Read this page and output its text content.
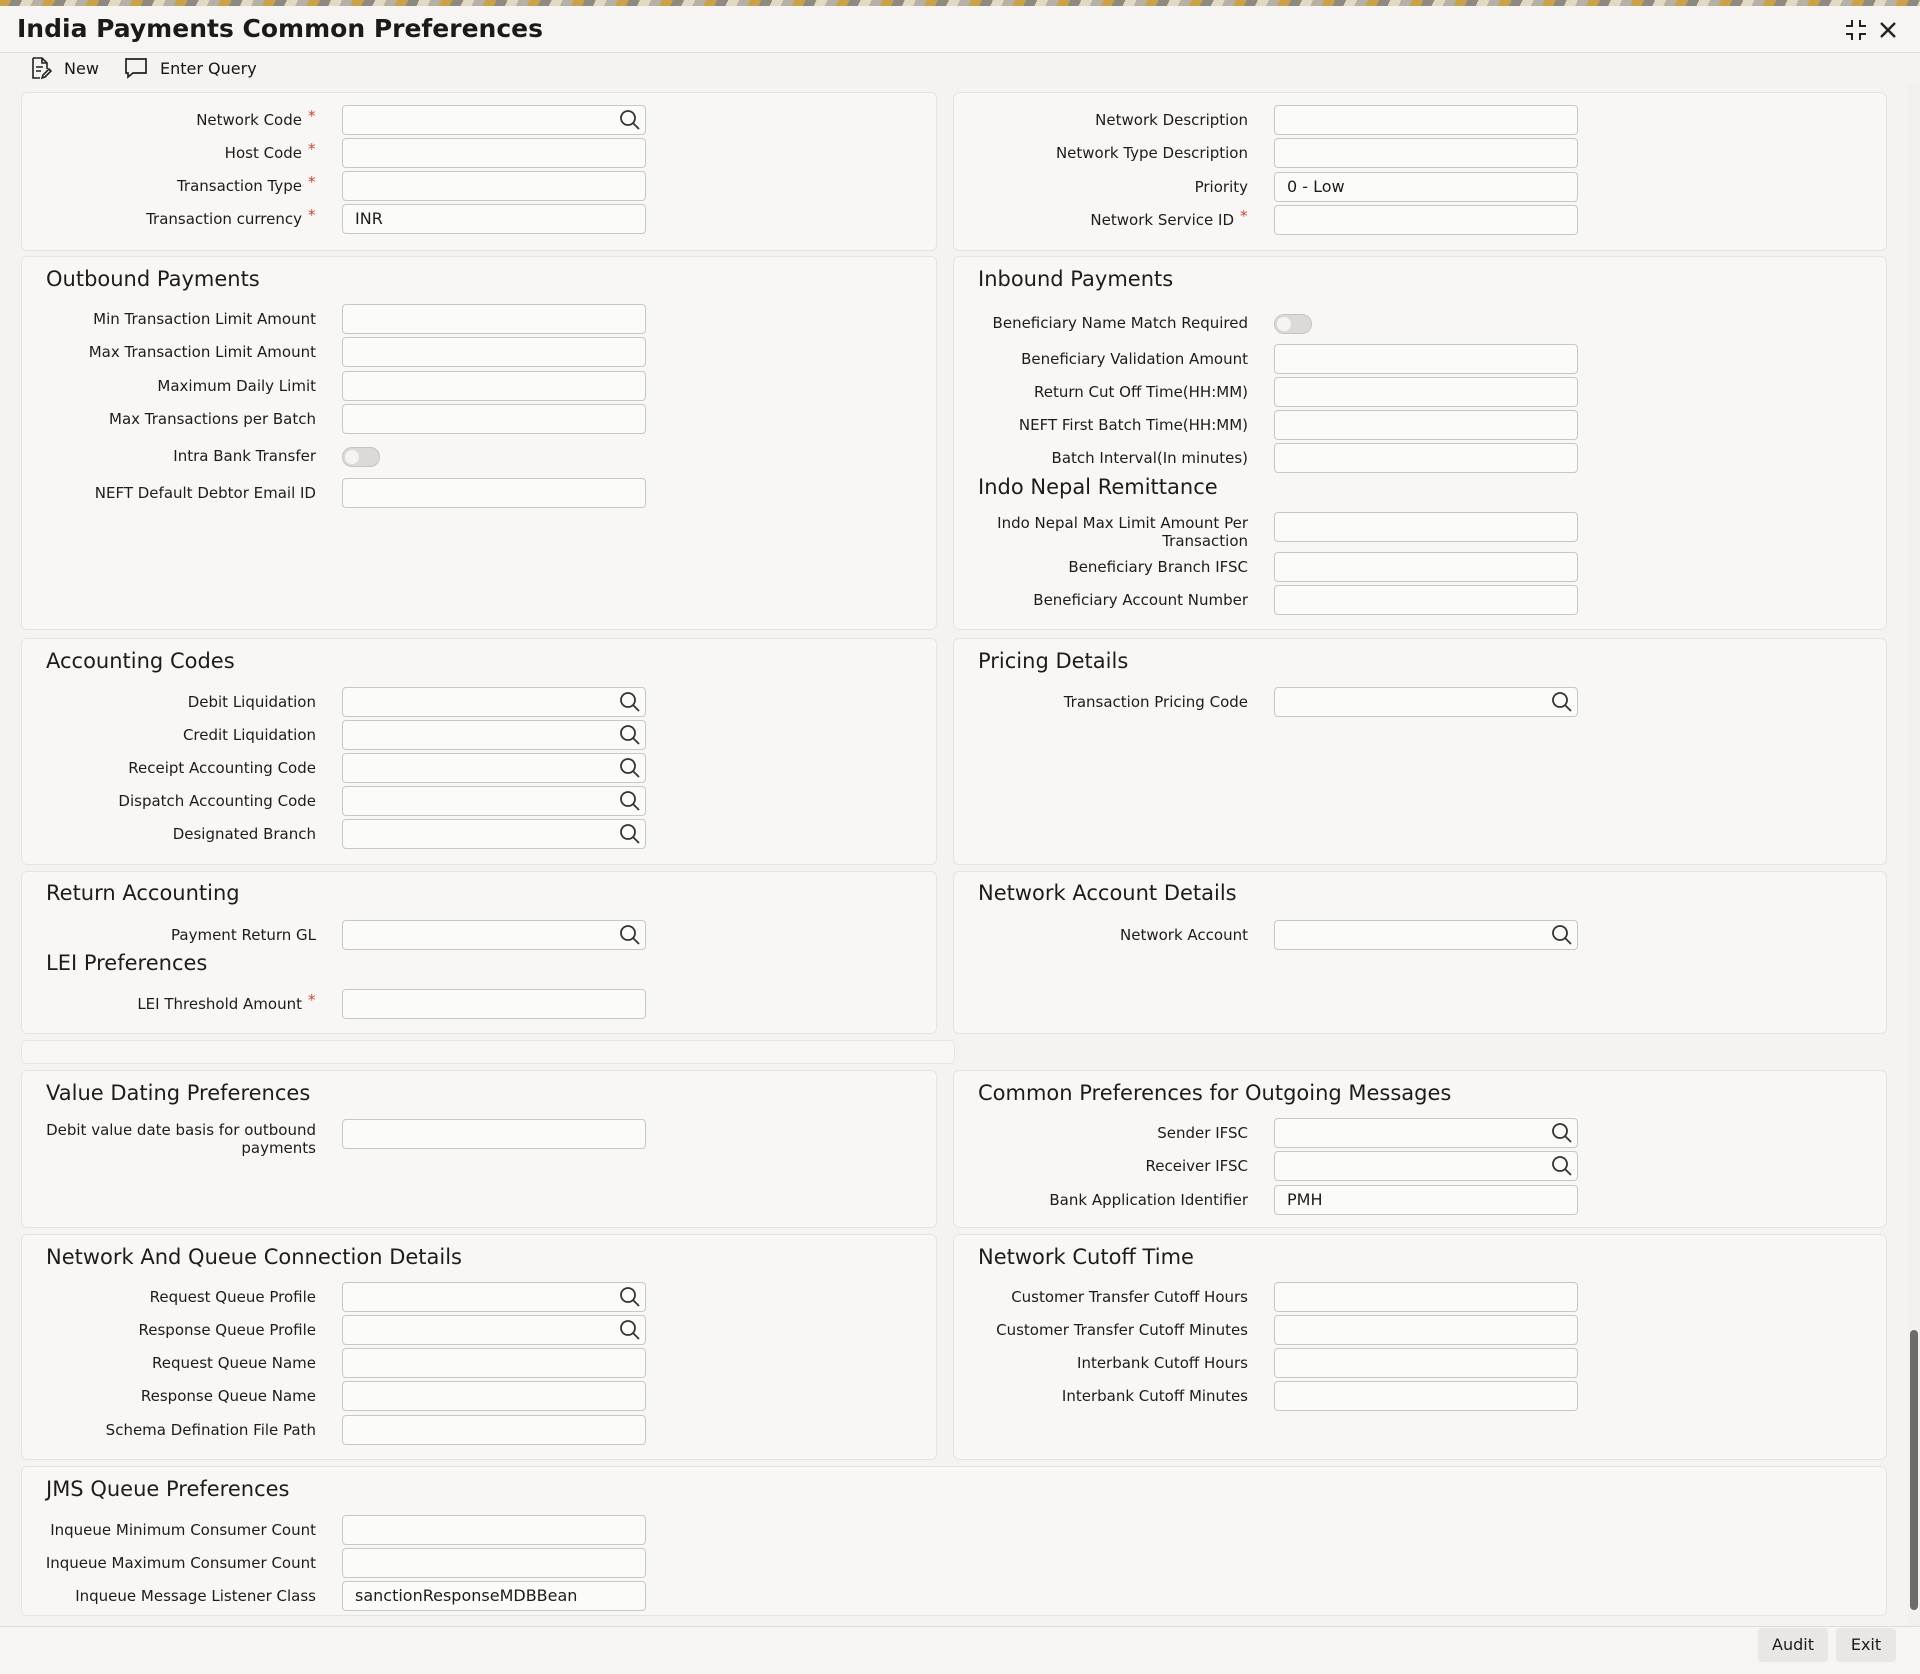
India Payments Common Preferences
New	Enter Query
Network Code *
Host Code *
Transaction Type *
Transaction currency *	INR
Network Description
Network Type Description
Priority	0 - Low
Network Service ID *
Outbound Payments
Min Transaction Limit Amount
Max Transaction Limit Amount
Maximum Daily Limit
Max Transactions per Batch
Intra Bank Transfer
NEFT Default Debtor Email ID
Inbound Payments
Beneficiary Name Match Required
Beneficiary Validation Amount
Return Cut Off Time(HH:MM)
NEFT First Batch Time(HH:MM)
Batch Interval(In minutes)
Indo Nepal Remittance
Indo Nepal Max Limit Amount Per
Transaction
Beneficiary Branch IFSC
Beneficiary Account Number
Accounting Codes
Debit Liquidation
Credit Liquidation
Receipt Accounting Code
Dispatch Accounting Code
Designated Branch
Pricing Details
Transaction Pricing Code
Return Accounting
Payment Return GL
LEI Preferences
LEI Threshold Amount *
Network Account Details
Network Account
Value Dating Preferences
Debit value date basis for outbound
payments
Common Preferences for Outgoing Messages
Sender IFSC
Receiver IFSC
Bank Application Identifier	PMH
Network And Queue Connection Details
Request Queue Profile
Response Queue Profile
Request Queue Name
Response Queue Name
Schema Defination File Path
Network Cutoff Time
Customer Transfer Cutoff Hours
Customer Transfer Cutoff Minutes
Interbank Cutoff Hours
Interbank Cutoff Minutes
JMS Queue Preferences
Inqueue Minimum Consumer Count
Inqueue Maximum Consumer Count
Inqueue Message Listener Class	sanctionResponseMDBBean
Audit	Exit
